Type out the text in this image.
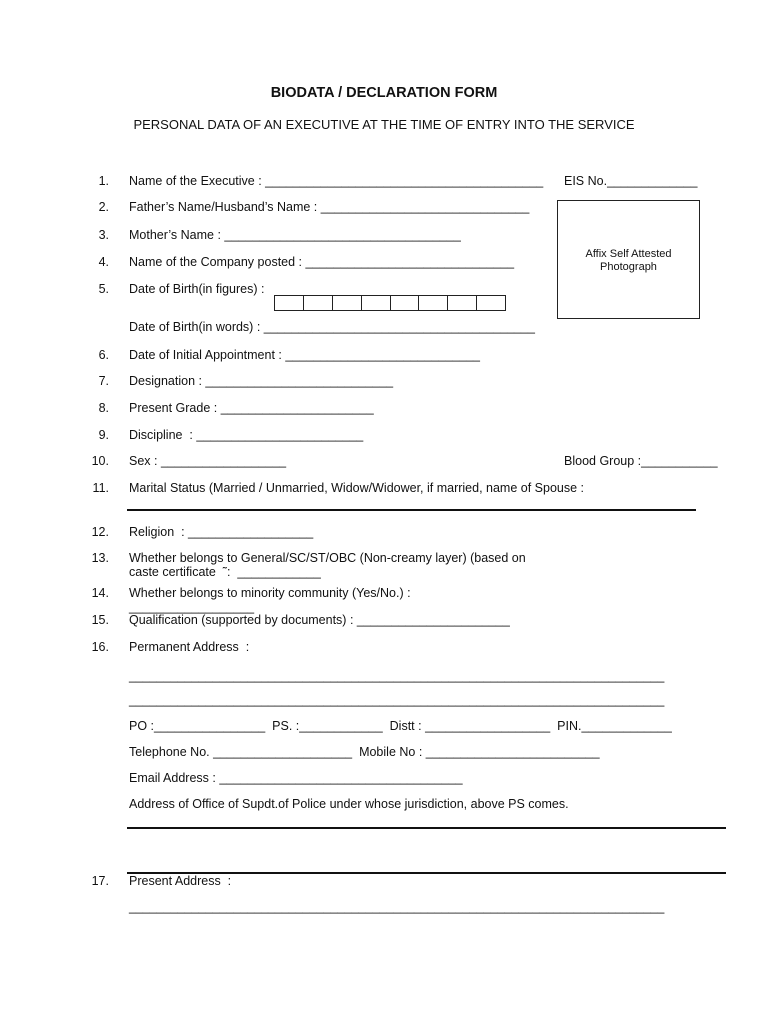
BIODATA / DECLARATION FORM
PERSONAL DATA OF AN EXECUTIVE AT THE TIME OF ENTRY INTO THE SERVICE
Affix Self Attested Photograph
1.
2.
3.
4.
5.
6.
7.
8.
9.
10.
11.
12.
13.
14.
15.
16.
17.
Name of the Executive : ________________________________________ EIS No._____________
Father’s Name/Husband’s Name : ______________________________
Mother’s Name : __________________________________
Name of the Company posted : ______________________________
Date of Birth(in figures) :
Date of Birth(in words) : _______________________________________
Date of Initial Appointment : ____________________________
Designation : ___________________________
Present Grade : ______________________
Discipline  : ________________________
Sex : __________________	Blood Group :___________
Marital Status (Married / Unmarried, Widow/Widower, if married, name of Spouse :
Religion  : __________________
Whether belongs to General/SC/ST/OBC (Non-creamy layer) (based on
caste certificate  ˜:  ____________
Whether belongs to minority community (Yes/No.) :
__________________
Qualification (supported by documents) : ______________________
Permanent Address  :
_____________________________________________________________________________
_____________________________________________________________________________
PO :________________  PS. :____________  Distt : __________________  PIN._____________
Telephone No. ____________________  Mobile No : _________________________
Email Address : ___________________________________
Address of Office of Supdt.of Police under whose jurisdiction, above PS comes.
Present Address  :
_____________________________________________________________________________
